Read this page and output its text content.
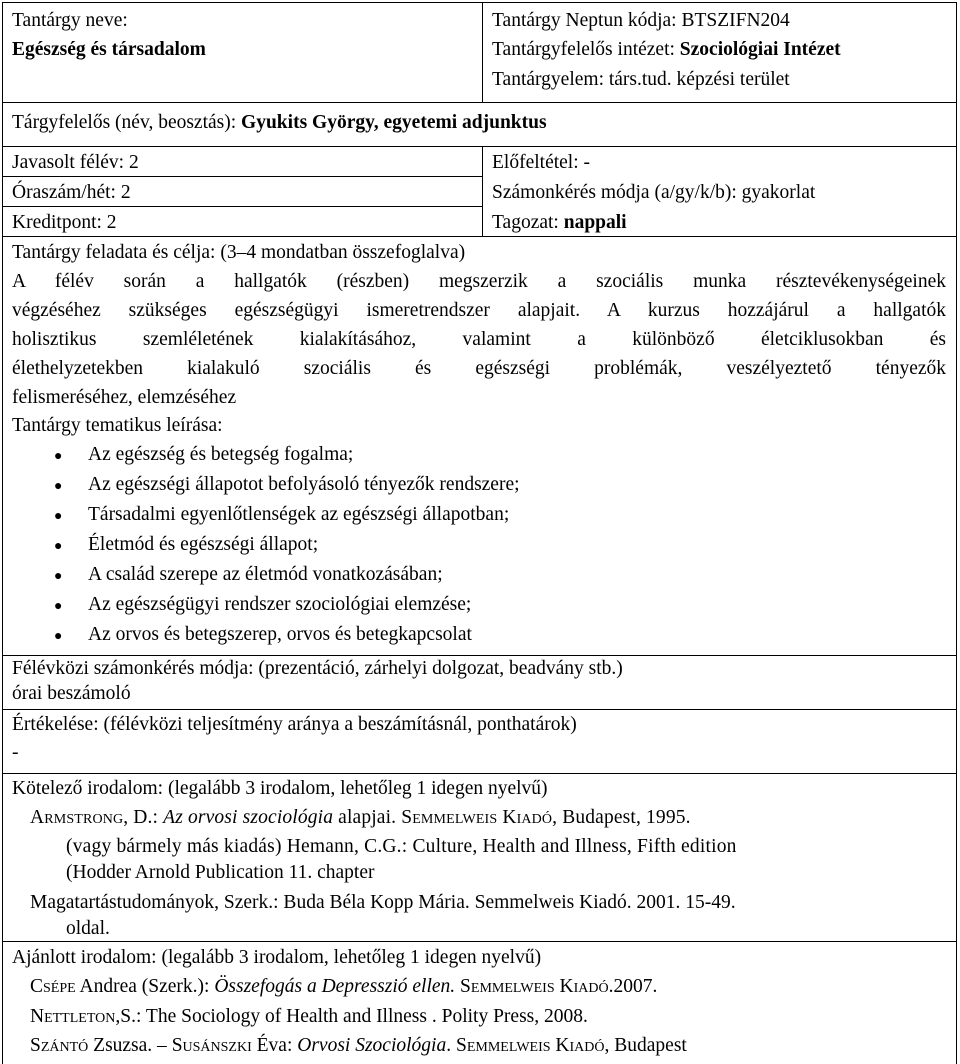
Tantárgy neve:
Egészség és társadalom
Tantárgy Neptun kódja: BTSZIFN204
Tantárgyfelelős intézet: Szociológiai Intézet
Tantárgyelem: társ.tud. képzési terület
Tárgyfelelős (név, beosztás): Gyukits György, egyetemi adjunktus
Javasolt félév: 2	Előfeltétel: -
Óraszám/hét: 2	Számonkérés módja (a/gy/k/b): gyakorlat
Kreditpont: 2	Tagozat: nappali
Tantárgy feladata és célja: (3–4 mondatban összefoglalva)
A félév során a hallgatók (részben) megszerzik a szociális munka résztevékenységeinek
végzéséhez szükséges egészségügyi ismeretrendszer alapjait. A kurzus hozzájárul a hallgatók
holisztikus szemléletének kialakításához, valamint a különböző életciklusokban és
élethelyzetekben kialakuló szociális és egészségi problémák, veszélyeztető tényezők
felismeréséhez, elemzéséhez
Tantárgy tematikus leírása:
● Az egészség és betegség fogalma;
● Az egészségi állapotot befolyásoló tényezők rendszere;
● Társadalmi egyenlőtlenségek az egészségi állapotban;
● Életmód és egészségi állapot;
● A család szerepe az életmód vonatkozásában;
● Az egészségügyi rendszer szociológiai elemzése;
● Az orvos és betegszerep, orvos és betegkapcsolat
Félévközi számonkérés módja: (prezentáció, zárhelyi dolgozat, beadvány stb.)
órai beszámoló
Értékelése: (félévközi teljesítmény aránya a beszámításnál, ponthatárok)
-
Kötelező irodalom: (legalább 3 irodalom, lehetőleg 1 idegen nyelvű)
Armstrong, D.: Az orvosi szociológia alapjai. Semmelweis Kiadó, Budapest, 1995.
(vagy bármely más kiadás) Hemann, C.G.: Culture, Health and Illness, Fifth edition
(Hodder Arnold Publication 11. chapter
Magatartástudományok, Szerk.: Buda Béla Kopp Mária. Semmelweis Kiadó. 2001. 15-49.
oldal.
Ajánlott irodalom: (legalább 3 irodalom, lehetőleg 1 idegen nyelvű)
Csépe Andrea (Szerk.): Összefogás a Depresszió ellen. Semmelweis Kiadó.2007.
Nettleton,S.: The Sociology of Health and Illness . Polity Press, 2008.
Szántó Zsuzsa. – Susánszki Éva: Orvosi Szociológia. Semmelweis Kiadó, Budapest
